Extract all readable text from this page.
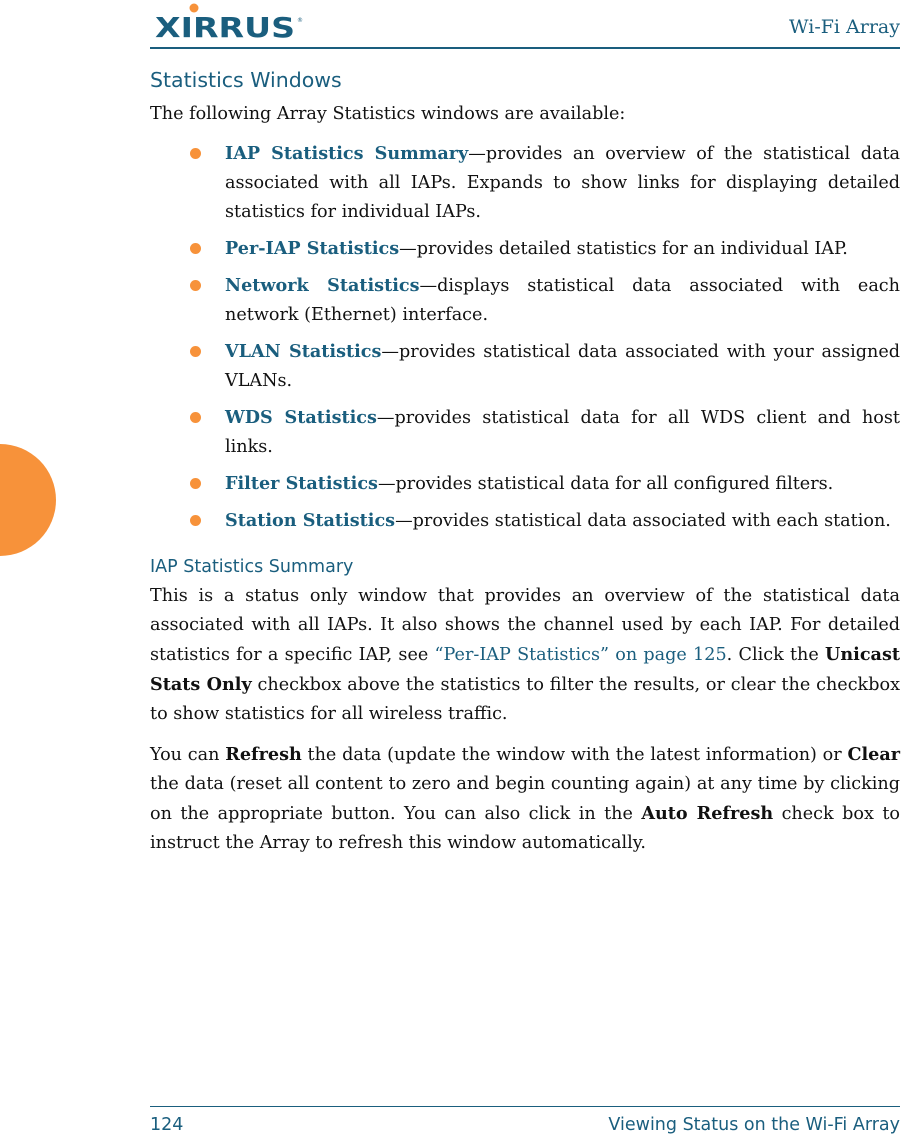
XIRRUS ®	Wi-Fi Array
Statistics Windows

The following Array Statistics windows are available:

IAP Statistics Summary—provides an overview of the statistical data associated with all IAPs. Expands to show links for displaying detailed statistics for individual IAPs.
Per-IAP Statistics—provides detailed statistics for an individual IAP.
Network Statistics—displays statistical data associated with each network (Ethernet) interface.
VLAN Statistics—provides statistical data associated with your assigned VLANs.
WDS Statistics—provides statistical data for all WDS client and host links.
Filter Statistics—provides statistical data for all configured filters.
Station Statistics—provides statistical data associated with each station.
IAP Statistics Summary

This is a status only window that provides an overview of the statistical data associated with all IAPs. It also shows the channel used by each IAP. For detailed statistics for a specific IAP, see “Per-IAP Statistics” on page 125. Click the Unicast Stats Only checkbox above the statistics to filter the results, or clear the checkbox to show statistics for all wireless traffic.

You can Refresh the data (update the window with the latest information) or Clear the data (reset all content to zero and begin counting again) at any time by clicking on the appropriate button. You can also click in the Auto Refresh check box to instruct the Array to refresh this window automatically.

124	Viewing Status on the Wi-Fi Array
